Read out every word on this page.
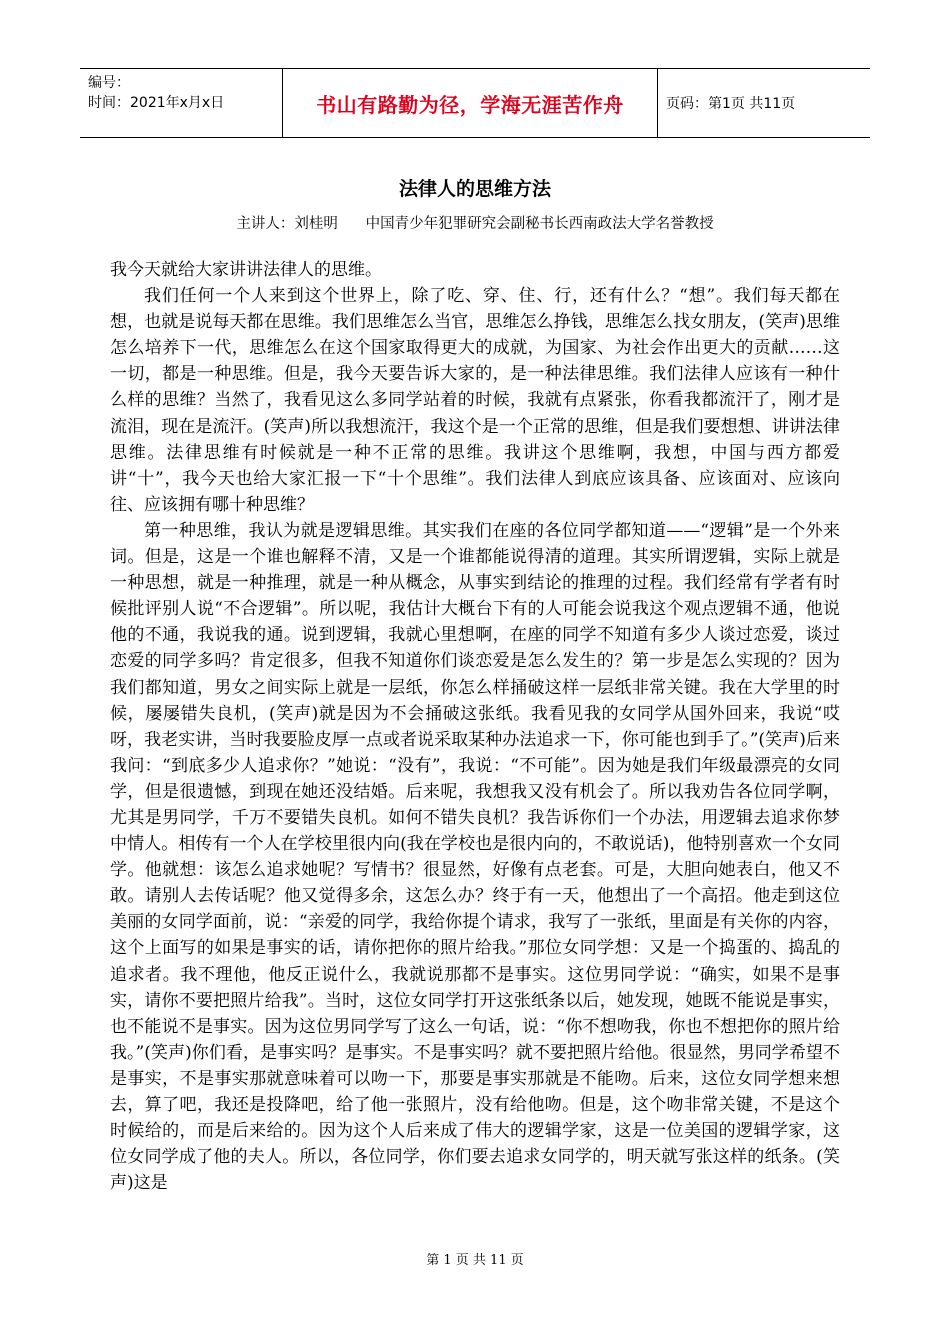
编号：
时间：2021年x月x日	书山有路勤为径，学海无涯苦作舟	页码：第1页 共11页
法律人的思维方法
主讲人：刘桂明      中国青少年犯罪研究会副秘书长西南政法大学名誉教授

我今天就给大家讲讲法律人的思维。

我们任何一个人来到这个世界上，除了吃、穿、住、行，还有什么？“想”。我们每天都在想，也就是说每天都在思维。我们思维怎么当官，思维怎么挣钱，思维怎么找女朋友，(笑声)思维怎么培养下一代，思维怎么在这个国家取得更大的成就，为国家、为社会作出更大的贡献……这一切，都是一种思维。但是，我今天要告诉大家的，是一种法律思维。我们法律人应该有一种什么样的思维？当然了，我看见这么多同学站着的时候，我就有点紧张，你看我都流汗了，刚才是流泪，现在是流汗。(笑声)所以我想流汗，我这个是一个正常的思维，但是我们要想想、讲讲法律思维。法律思维有时候就是一种不正常的思维。我讲这个思维啊，我想，中国与西方都爱讲“十”，我今天也给大家汇报一下“十个思维”。我们法律人到底应该具备、应该面对、应该向往、应该拥有哪十种思维？

第一种思维，我认为就是逻辑思维。其实我们在座的各位同学都知道——“逻辑”是一个外来词。但是，这是一个谁也解释不清，又是一个谁都能说得清的道理。其实所谓逻辑，实际上就是一种思想，就是一种推理，就是一种从概念，从事实到结论的推理的过程。我们经常有学者有时候批评别人说“不合逻辑”。所以呢，我估计大概台下有的人可能会说我这个观点逻辑不通，他说他的不通，我说我的通。说到逻辑，我就心里想啊，在座的同学不知道有多少人谈过恋爱，谈过恋爱的同学多吗？肯定很多，但我不知道你们谈恋爱是怎么发生的？第一步是怎么实现的？因为我们都知道，男女之间实际上就是一层纸，你怎么样捅破这样一层纸非常关键。我在大学里的时候，屡屡错失良机，(笑声)就是因为不会捅破这张纸。我看见我的女同学从国外回来，我说“哎呀，我老实讲，当时我要脸皮厚一点或者说采取某种办法追求一下，你可能也到手了。”(笑声)后来我问：“到底多少人追求你？”她说：“没有”，我说：“不可能”。因为她是我们年级最漂亮的女同学，但是很遗憾，到现在她还没结婚。后来呢，我想我又没有机会了。所以我劝告各位同学啊，尤其是男同学，千万不要错失良机。如何不错失良机？我告诉你们一个办法，用逻辑去追求你梦中情人。相传有一个人在学校里很内向(我在学校也是很内向的，不敢说话)，他特别喜欢一个女同学。他就想：该怎么追求她呢？写情书？很显然，好像有点老套。可是，大胆向她表白，他又不敢。请别人去传话呢？他又觉得多余，这怎么办？终于有一天，他想出了一个高招。他走到这位美丽的女同学面前，说：“亲爱的同学，我给你提个请求，我写了一张纸，里面是有关你的内容，这个上面写的如果是事实的话，请你把你的照片给我。”那位女同学想：又是一个捣蛋的、捣乱的追求者。我不理他，他反正说什么，我就说那都不是事实。这位男同学说：“确实，如果不是事实，请你不要把照片给我”。当时，这位女同学打开这张纸条以后，她发现，她既不能说是事实，也不能说不是事实。因为这位男同学写了这么一句话，说：“你不想吻我，你也不想把你的照片给我。”(笑声)你们看，是事实吗？是事实。不是事实吗？就不要把照片给他。很显然，男同学希望不是事实，不是事实那就意味着可以吻一下，那要是事实那就是不能吻。后来，这位女同学想来想去，算了吧，我还是投降吧，给了他一张照片，没有给他吻。但是，这个吻非常关键，不是这个时候给的，而是后来给的。因为这个人后来成了伟大的逻辑学家，这是一位美国的逻辑学家，这位女同学成了他的夫人。所以，各位同学，你们要去追求女同学的，明天就写张这样的纸条。(笑声)这是

第 1 页 共 11 页
